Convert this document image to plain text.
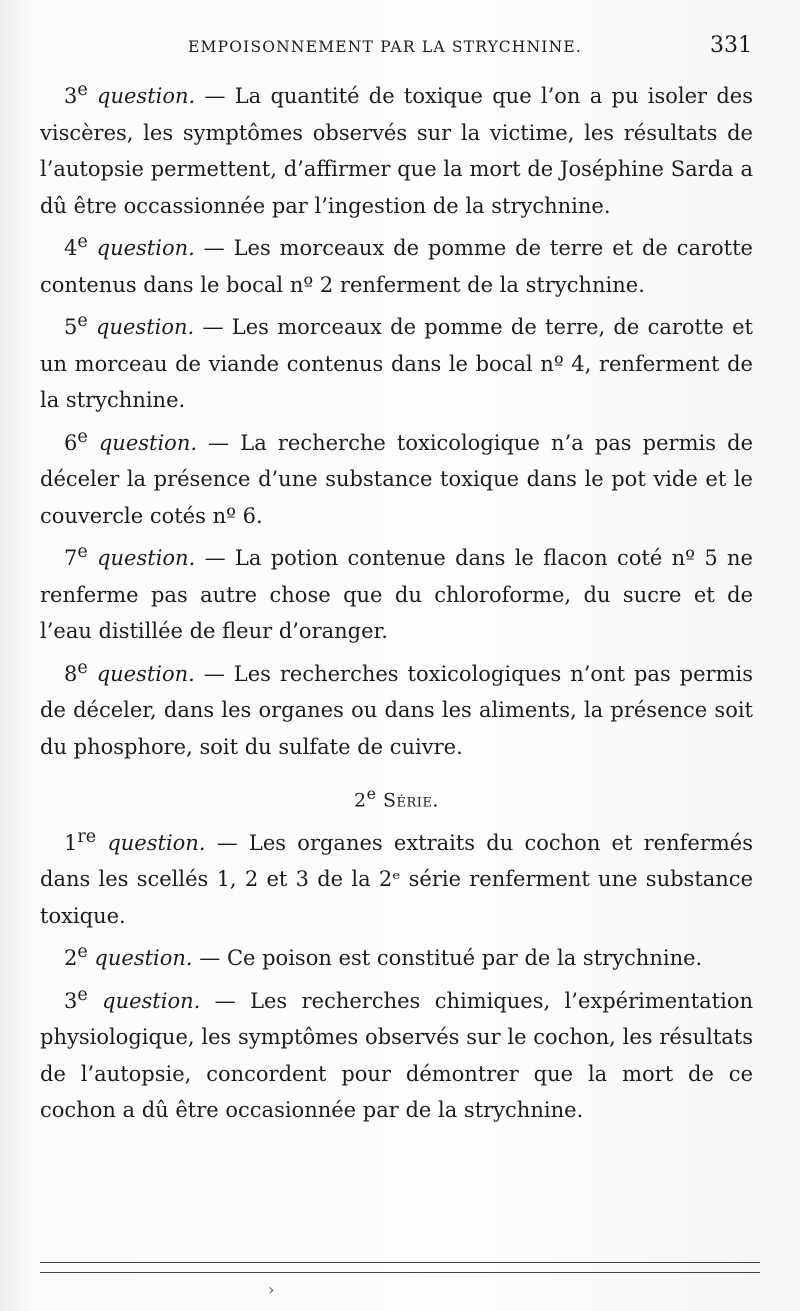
EMPOISONNEMENT PAR LA STRYCHNINE.	331

3e question. — La quantité de toxique que l’on a pu isoler des viscères, les symptômes observés sur la victime, les résultats de l’autopsie permettent, d’affirmer que la mort de Joséphine Sarda a dû être occassionnée par l’ingestion de la strychnine.

4e question. — Les morceaux de pomme de terre et de carotte contenus dans le bocal nº 2 renferment de la strychnine.

5e question. — Les morceaux de pomme de terre, de carotte et un morceau de viande contenus dans le bocal nº 4, renferment de la strychnine.

6e question. — La recherche toxicologique n’a pas permis de déceler la présence d’une substance toxique dans le pot vide et le couvercle cotés nº 6.

7e question. — La potion contenue dans le flacon coté nº 5 ne renferme pas autre chose que du chloroforme, du sucre et de l’eau distillée de fleur d’oranger.

8e question. — Les recherches toxicologiques n’ont pas permis de déceler, dans les organes ou dans les aliments, la présence soit du phosphore, soit du sulfate de cuivre.

2e Série.

1re question. — Les organes extraits du cochon et renfermés dans les scellés 1, 2 et 3 de la 2ᵉ série renferment une substance toxique.

2e question. — Ce poison est constitué par de la strychnine.

3e question. — Les recherches chimiques, l’expérimentation physiologique, les symptômes observés sur le cochon, les résultats de l’autopsie, concordent pour démontrer que la mort de ce cochon a dû être occasionnée par de la strychnine.

›
